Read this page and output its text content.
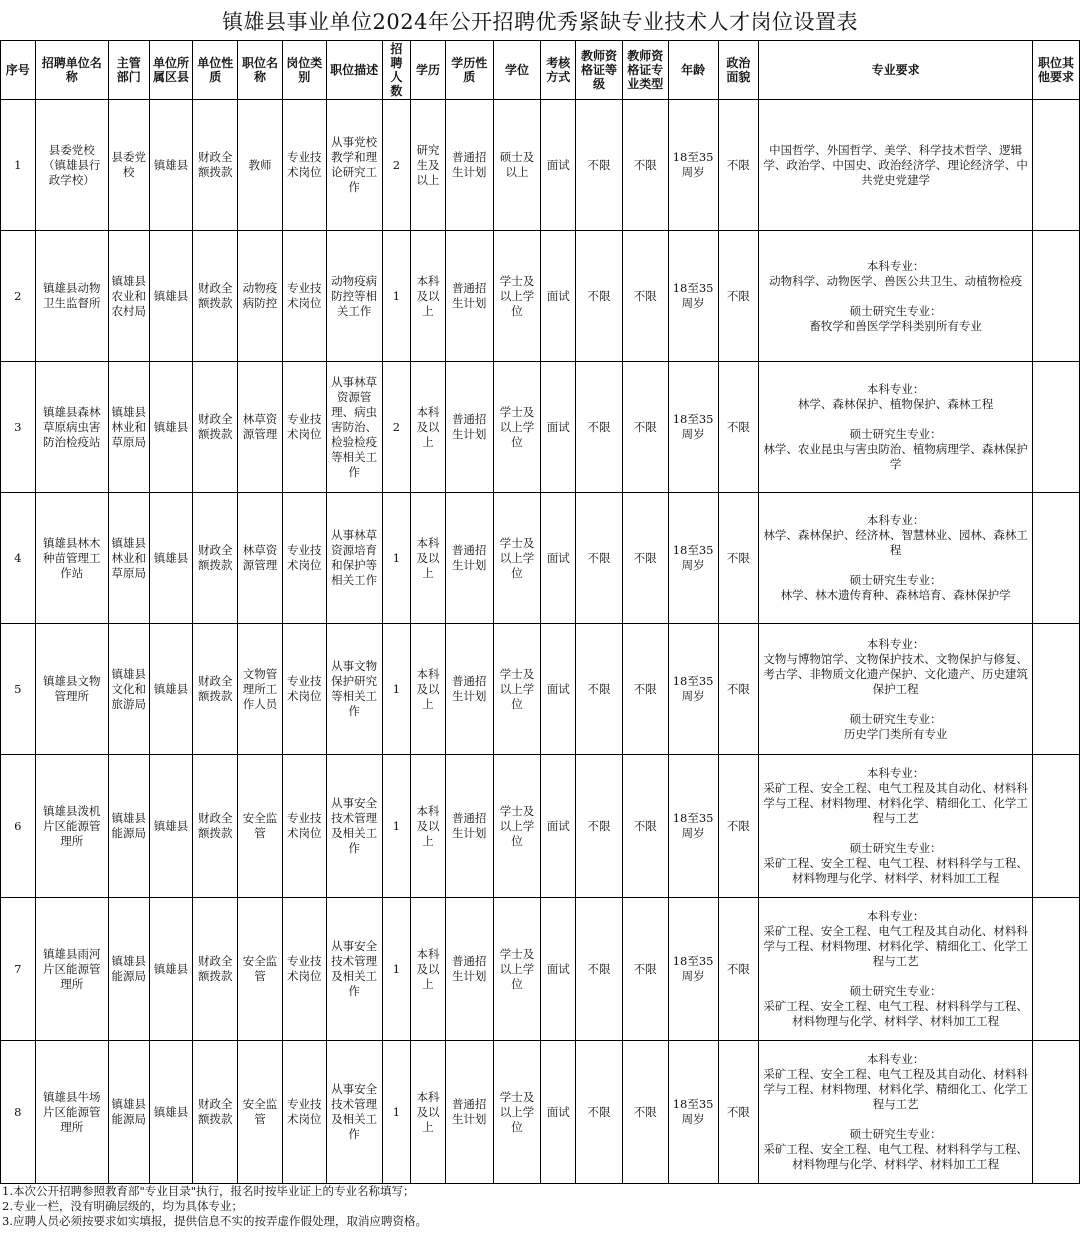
镇雄县事业单位2024年公开招聘优秀紧缺专业技术人才岗位设置表
序号	招聘单位名称	主管部门	单位所属区县	单位性质	职位名称	岗位类别	职位描述	招聘人数	学历	学历性质	学位	考核方式	教师资格证等级	教师资格证专业类型	年龄	政治面貌	专业要求	职位其他要求
1	县委党校（镇雄县行政学校）	县委党校	镇雄县	财政全额拨款	教师	专业技术岗位	从事党校教学和理论研究工作	2	研究生及以上	普通招生计划	硕士及以上	面试	不限	不限	18至35周岁	不限	中国哲学、外国哲学、美学、科学技术哲学、逻辑学、政治学、中国史、政治经济学、理论经济学、中共党史党建学	

2	镇雄县动物卫生监督所	镇雄县农业和农村局	镇雄县	财政全额拨款	动物疫病防控	专业技术岗位	动物疫病防控等相关工作	1	本科及以上	普通招生计划	学士及以上学位	面试	不限	不限	18至35周岁	不限	本科专业：
动物科学、动物医学、兽医公共卫生、动植物检疫
硕士研究生专业：
畜牧学和兽医学学科类别所有专业	

3	镇雄县森林草原病虫害防治检疫站	镇雄县林业和草原局	镇雄县	财政全额拨款	林草资源管理	专业技术岗位	从事林草资源管理、病虫害防治、检验检疫等相关工作	2	本科及以上	普通招生计划	学士及以上学位	面试	不限	不限	18至35周岁	不限	本科专业：
林学、森林保护、植物保护、森林工程
硕士研究生专业：
林学、农业昆虫与害虫防治、植物病理学、森林保护学	

4	镇雄县林木种苗管理工作站	镇雄县林业和草原局	镇雄县	财政全额拨款	林草资源管理	专业技术岗位	从事林草资源培育和保护等相关工作	1	本科及以上	普通招生计划	学士及以上学位	面试	不限	不限	18至35周岁	不限	本科专业：
林学、森林保护、经济林、智慧林业、园林、森林工程
硕士研究生专业：
林学、林木遗传育种、森林培育、森林保护学	

5	镇雄县文物管理所	镇雄县文化和旅游局	镇雄县	财政全额拨款	文物管理所工作人员	专业技术岗位	从事文物保护研究等相关工作	1	本科及以上	普通招生计划	学士及以上学位	面试	不限	不限	18至35周岁	不限	本科专业：
文物与博物馆学、文物保护技术、文物保护与修复、考古学、非物质文化遗产保护、文化遗产、历史建筑保护工程
硕士研究生专业：
历史学门类所有专业	

6	镇雄县泼机片区能源管理所	镇雄县能源局	镇雄县	财政全额拨款	安全监管	专业技术岗位	从事安全技术管理及相关工作	1	本科及以上	普通招生计划	学士及以上学位	面试	不限	不限	18至35周岁	不限	本科专业：
采矿工程、安全工程、电气工程及其自动化、材料科学与工程、材料物理、材料化学、精细化工、化学工程与工艺
硕士研究生专业：
采矿工程、安全工程、电气工程、材料科学与工程、材料物理与化学、材料学、材料加工工程	

7	镇雄县雨河片区能源管理所	镇雄县能源局	镇雄县	财政全额拨款	安全监管	专业技术岗位	从事安全技术管理及相关工作	1	本科及以上	普通招生计划	学士及以上学位	面试	不限	不限	18至35周岁	不限	本科专业：
采矿工程、安全工程、电气工程及其自动化、材料科学与工程、材料物理、材料化学、精细化工、化学工程与工艺
硕士研究生专业：
采矿工程、安全工程、电气工程、材料科学与工程、材料物理与化学、材料学、材料加工工程	

8	镇雄县牛场片区能源管理所	镇雄县能源局	镇雄县	财政全额拨款	安全监管	专业技术岗位	从事安全技术管理及相关工作	1	本科及以上	普通招生计划	学士及以上学位	面试	不限	不限	18至35周岁	不限	本科专业：
采矿工程、安全工程、电气工程及其自动化、材料科学与工程、材料物理、材料化学、精细化工、化学工程与工艺
硕士研究生专业：
采矿工程、安全工程、电气工程、材料科学与工程、材料物理与化学、材料学、材料加工工程	

1.本次公开招聘参照教育部"专业目录"执行，报名时按毕业证上的专业名称填写；
2.专业一栏，没有明确层级的，均为具体专业；
3.应聘人员必须按要求如实填报，提供信息不实的按弄虚作假处理，取消应聘资格。
